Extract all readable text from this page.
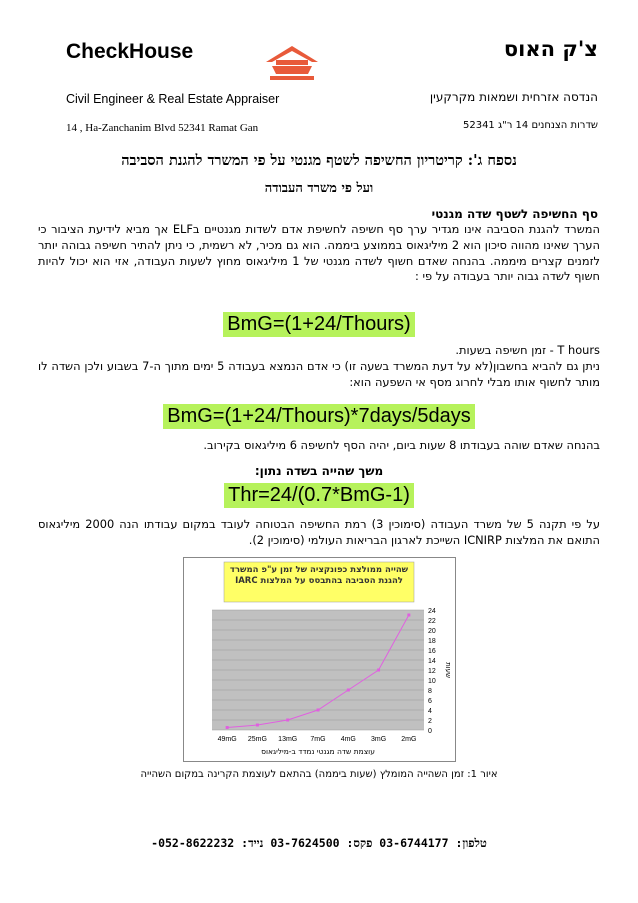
CheckHouse	צ'ק האוס
Civil Engineer & Real Estate Appraiser
14 , Ha-Zanchanim Blvd 52341 Ramat Gan
הנדסה אזרחית ושמאות מקרקעין
שדרות הצנחנים 14 ר"ג 52341
נספח ג': קריטריון החשיפה לשטף מגנטי על פי המשרד להגנת הסביבה
ועל פי משרד העבודה
סף החשיפה לשטף שדה מגנטי
המשרד להגנת הסביבה אינו מגדיר ערך סף חשיפה לחשיפת אדם לשדות מגנטיים בELF אך מביא לידיעת הציבור כי הערך שאינו מהווה סיכון הוא 2 מיליגאוס בממוצע ביממה. הוא גם מכיר, לא רשמית, כי ניתן להתיר חשיפה גבוהה יותר לזמנים קצרים מיממה. בהנחה שאדם חשוף לשדה מגנטי של 1 מיליגאוס מחוץ לשעות העבודה, אזי הוא יכול להיות חשוף לשדה גבוה יותר בעבודה על פי :
BmG=(1+24/Thours)
T hours - זמן חשיפה בשעות.
ניתן גם להביא בחשבון(לא על דעת המשרד בשעה זו) כי אדם הנמצא בעבודה 5 ימים מתוך ה-7 בשבוע ולכן השדה לו מותר לחשוף אותו מבלי לחרוג מסף אי השפעה הוא:
BmG=(1+24/Thours)*7days/5days
בהנחה שאדם שוהה בעבודתו 8 שעות ביום, יהיה הסף לחשיפה 6 מיליגאוס בקירוב.
משך שהייה בשדה נתון:
Thr=24/(0.7*BmG-1)
על פי תקנה 5 של משרד העבודה (סימוכין 3) רמת החשיפה הבטוחה לעובד במקום עבודתו הנה 2000 מיליגאוס התואם את המלצות ICNIRP השייכת לארגון הבריאות העולמי (סימוכין 2).
שהייה ממולצת כפונקציה של זמן ע"פ המשרד להגנת הסביבה בהתבסס על המלצות IARC
0
2
4
6
8
10
12
14
16
18
20
22
24
49mG 25mG 13mG 7mG 4mG 3mG 2mG
שעות
עוצמת שדה מגנטי נמדד ב-מיליגאוס
איור 1: זמן השהייה המומלץ (שעות ביממה) בהתאם לעוצמת הקרינה במקום השהייה
טלפון: 03-6744177 פקס: 03-7624500 נייד: 052-8622232-
